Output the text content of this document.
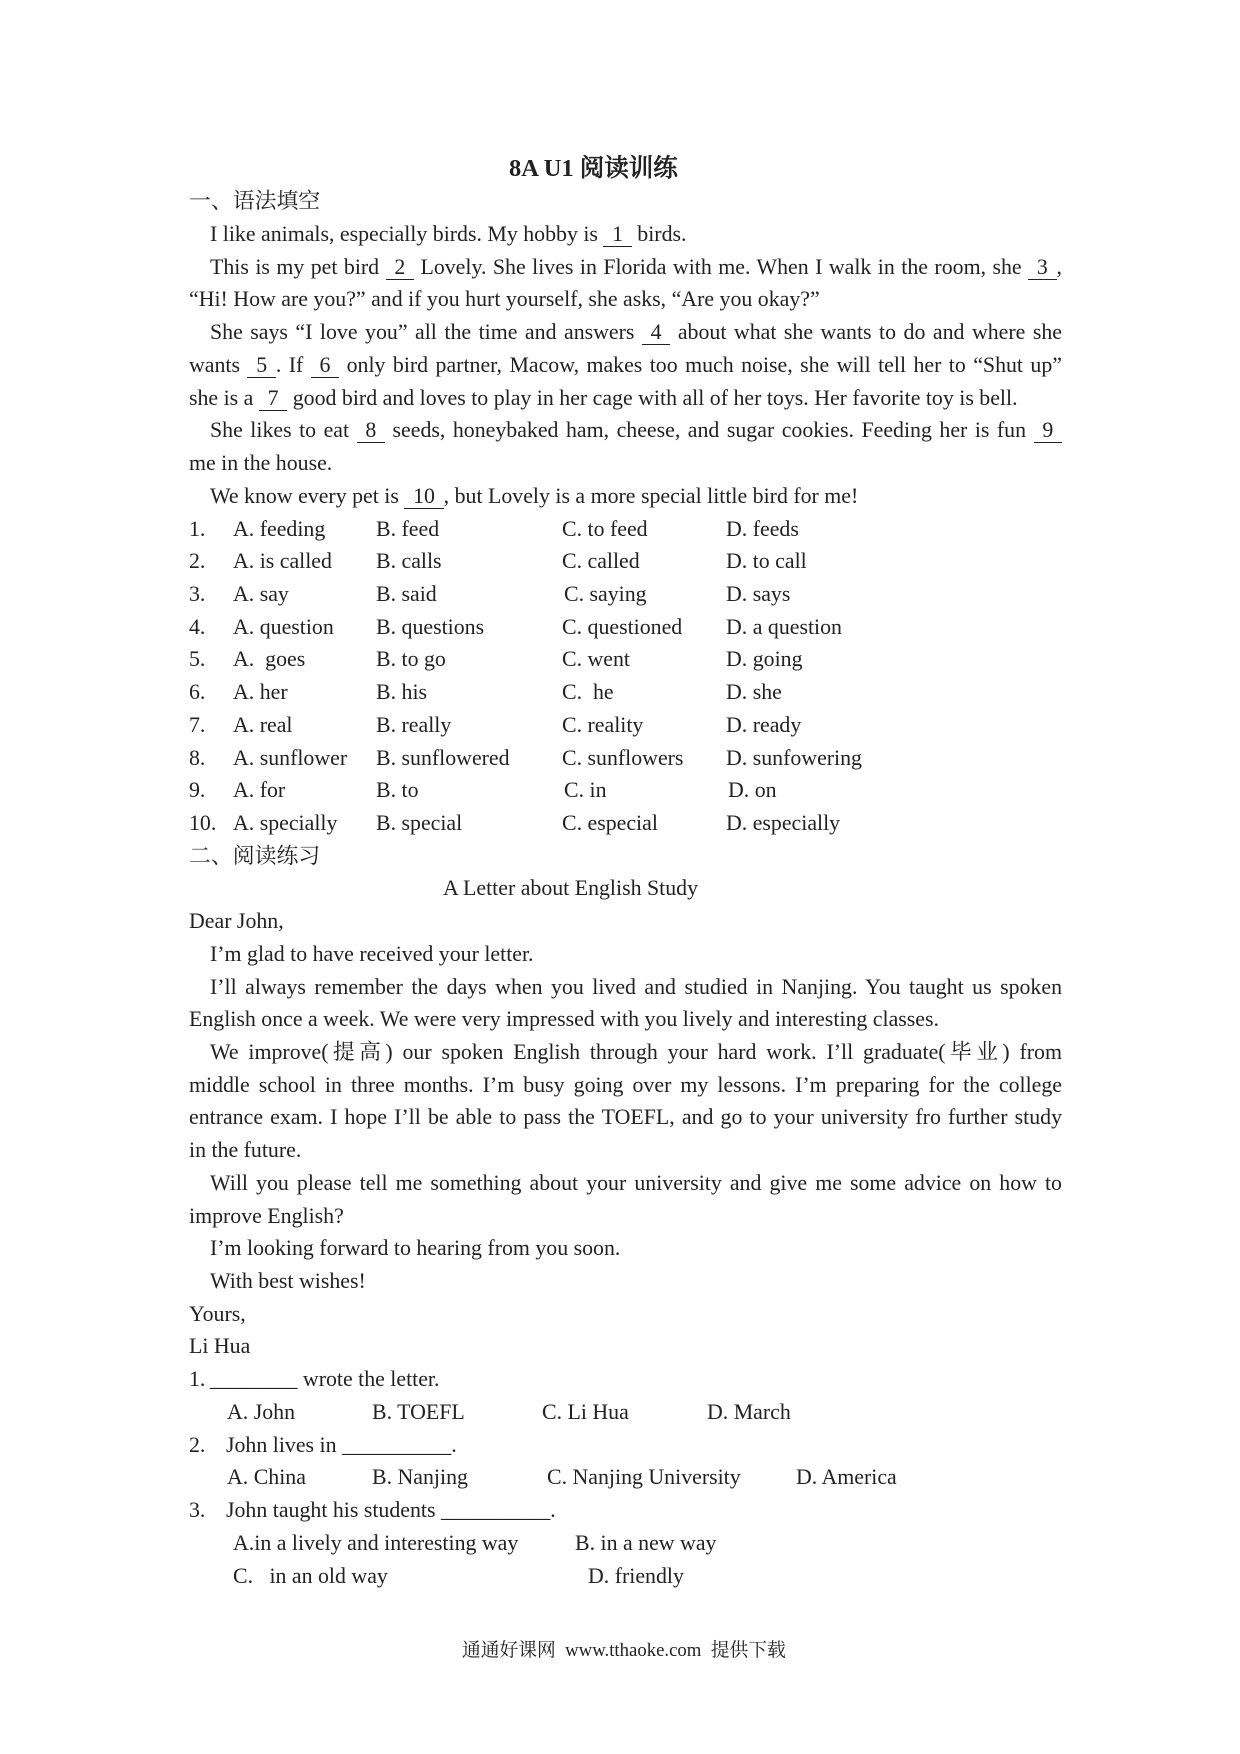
8A U1 阅读训练
一、语法填空
I like animals, especially birds. My hobby is 1 birds.
This is my pet bird 2 Lovely. She lives in Florida with me. When I walk in the room, she 3 ,
“Hi! How are you?” and if you hurt yourself, she asks, “Are you okay?”
She says “I love you” all the time and answers 4 about what she wants to do and where she
wants 5 . If 6 only bird partner, Macow, makes too much noise, she will tell her to “Shut up”
she is a 7 good bird and loves to play in her cage with all of her toys. Her favorite toy is bell.
She likes to eat 8 seeds, honeybaked ham, cheese, and sugar cookies. Feeding her is fun 9
me in the house.
We know every pet is 10 , but Lovely is a more special little bird for me!
1. A. feeding B. feed	C. to feed	D. feeds
2. A. is called B. calls	C. called	D. to call
3. A. say	B. said	C. saying	D. says
4. A. question B. questions	C. questioned D. a question
5. A.  goes	B. to go	C. went	D. going
6. A. her	B. his	C.  he	D. she
7. A. real	B. really	C. reality	D. ready
8. A. sunflower B. sunflowered C. sunflowers D. sunfowering
9. A. for	B. to	C. in	D. on
10. A. specially B. special	C. especial	D. especially
二、阅读练习
A Letter about English Study
Dear John,
I’m glad to have received your letter.
I’ll always remember the days when you lived and studied in Nanjing. You taught us spoken
English once a week. We were very impressed with you lively and interesting classes.
We improve(提高) our spoken English through your hard work. I’ll graduate(毕业) from
middle school in three months. I’m busy going over my lessons. I’m preparing for the college
entrance exam. I hope I’ll be able to pass the TOEFL, and go to your university fro further study
in the future.
Will you please tell me something about your university and give me some advice on how to
improve English?
I’m looking forward to hearing from you soon.
With best wishes!
Yours,
Li Hua
1. ________ wrote the letter.
A. John	B. TOEFL	C. Li Hua	D. March
2. John lives in __________.
A. China	B. Nanjing	C. Nanjing University	D. America
3. John taught his students __________.
A.in a lively and interesting way	B. in a new way
C.   in an old way	D. friendly
通通好课网  www.tthaoke.com  提供下载
